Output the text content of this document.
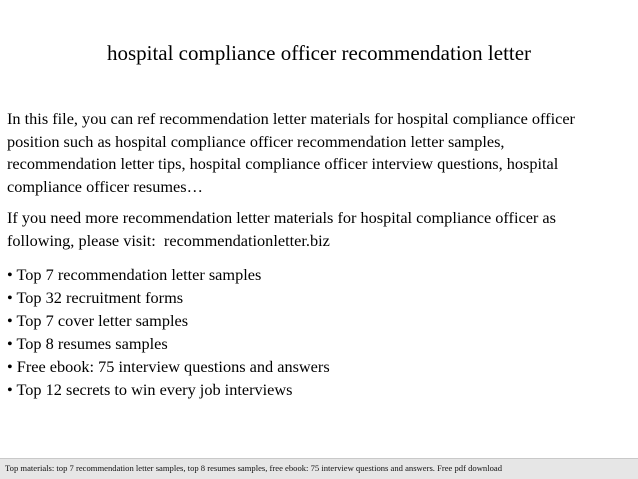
hospital compliance officer recommendation letter

In this file, you can ref recommendation letter materials for hospital compliance officer
position such as hospital compliance officer recommendation letter samples,
recommendation letter tips, hospital compliance officer interview questions, hospital
compliance officer resumes…

If you need more recommendation letter materials for hospital compliance officer as
following, please visit:  recommendationletter.biz

• Top 7 recommendation letter samples
• Top 32 recruitment forms
• Top 7 cover letter samples
• Top 8 resumes samples
• Free ebook: 75 interview questions and answers
• Top 12 secrets to win every job interviews
Top materials: top 7 recommendation letter samples, top 8 resumes samples, free ebook: 75 interview questions and answers. Free pdf download
